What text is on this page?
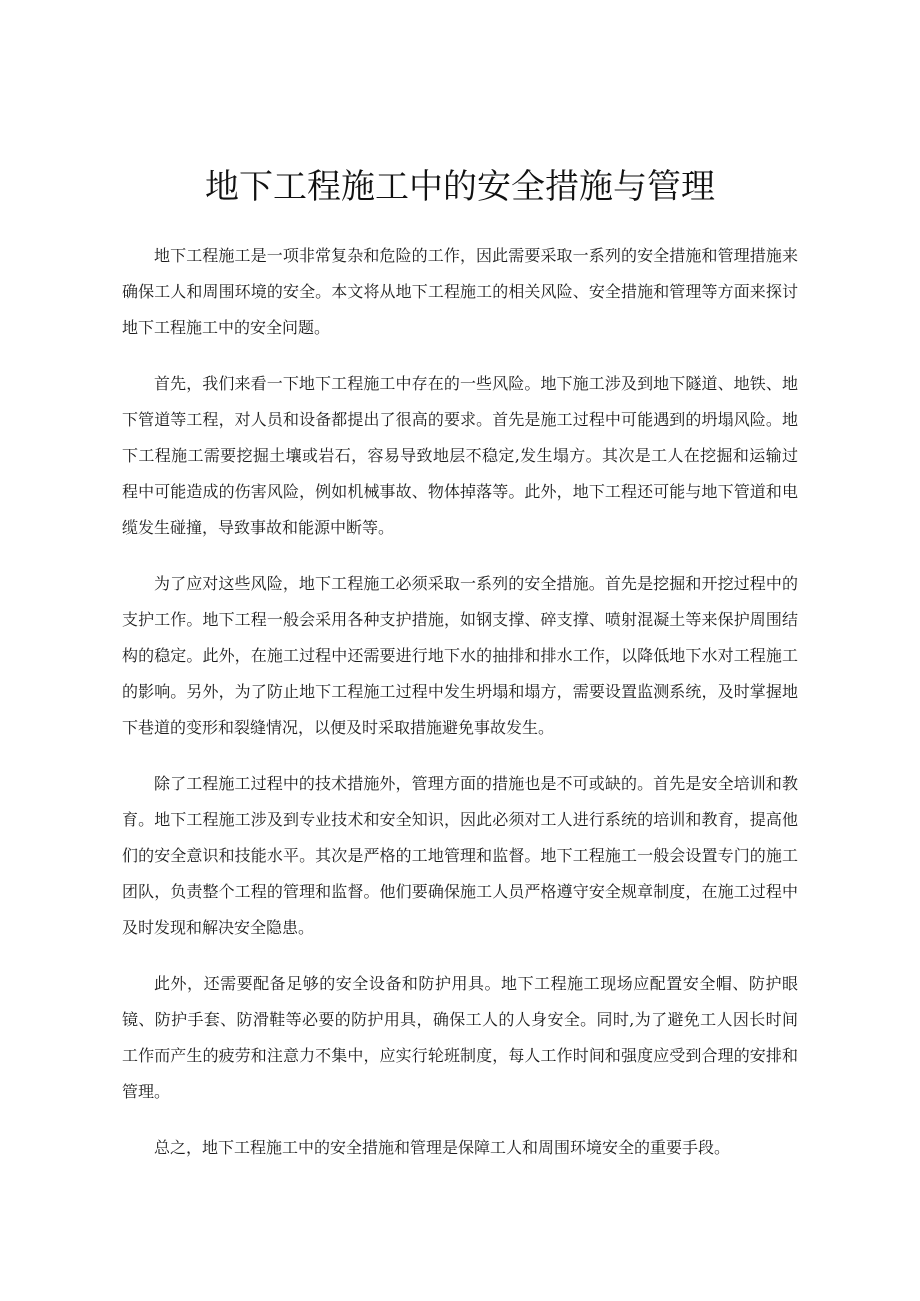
地下工程施工中的安全措施与管理

地下工程施工是一项非常复杂和危险的工作，因此需要采取一系列的安全措施和管理措施来确保工人和周围环境的安全。本文将从地下工程施工的相关风险、安全措施和管理等方面来探讨地下工程施工中的安全问题。

首先，我们来看一下地下工程施工中存在的一些风险。地下施工涉及到地下隧道、地铁、地下管道等工程，对人员和设备都提出了很高的要求。首先是施工过程中可能遇到的坍塌风险。地下工程施工需要挖掘土壤或岩石，容易导致地层不稳定,发生塌方。其次是工人在挖掘和运输过程中可能造成的伤害风险，例如机械事故、物体掉落等。此外，地下工程还可能与地下管道和电缆发生碰撞，导致事故和能源中断等。

为了应对这些风险，地下工程施工必须采取一系列的安全措施。首先是挖掘和开挖过程中的支护工作。地下工程一般会采用各种支护措施，如钢支撑、碎支撑、喷射混凝土等来保护周围结构的稳定。此外，在施工过程中还需要进行地下水的抽排和排水工作，以降低地下水对工程施工的影响。另外，为了防止地下工程施工过程中发生坍塌和塌方，需要设置监测系统，及时掌握地下巷道的变形和裂缝情况，以便及时采取措施避免事故发生。

除了工程施工过程中的技术措施外，管理方面的措施也是不可或缺的。首先是安全培训和教育。地下工程施工涉及到专业技术和安全知识，因此必须对工人进行系统的培训和教育，提高他们的安全意识和技能水平。其次是严格的工地管理和监督。地下工程施工一般会设置专门的施工团队，负责整个工程的管理和监督。他们要确保施工人员严格遵守安全规章制度，在施工过程中及时发现和解决安全隐患。

此外，还需要配备足够的安全设备和防护用具。地下工程施工现场应配置安全帽、防护眼镜、防护手套、防滑鞋等必要的防护用具，确保工人的人身安全。同时,为了避免工人因长时间工作而产生的疲劳和注意力不集中，应实行轮班制度，每人工作时间和强度应受到合理的安排和管理。

总之，地下工程施工中的安全措施和管理是保障工人和周围环境安全的重要手段。
